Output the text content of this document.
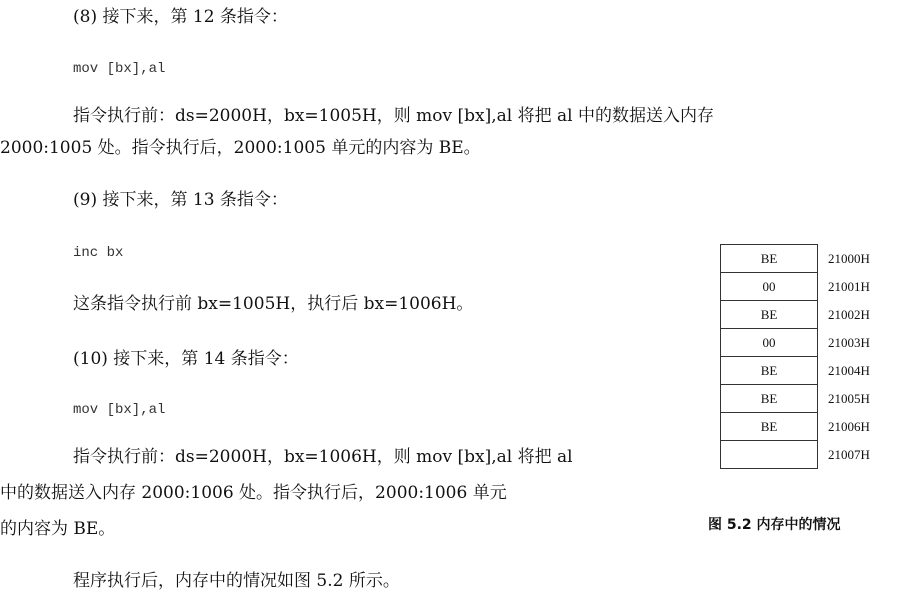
(8) 接下来，第 12 条指令：
mov [bx],al
指令执行前：ds=2000H，bx=1005H，则 mov [bx],al 将把 al 中的数据送入内存
2000:1005 处。指令执行后，2000:1005 单元的内容为 BE。
(9) 接下来，第 13 条指令：
inc bx
这条指令执行前 bx=1005H，执行后 bx=1006H。
(10) 接下来，第 14 条指令：
mov [bx],al
指令执行前：ds=2000H，bx=1006H，则 mov [bx],al 将把 al
中的数据送入内存 2000:1006 处。指令执行后，2000:1006 单元
的内容为 BE。
程序执行后，内存中的情况如图 5.2 所示。
BE	21000H
00	21001H
BE	21002H
00	21003H
BE	21004H
BE	21005H
BE	21006H
	21007H
图 5.2 内存中的情况
